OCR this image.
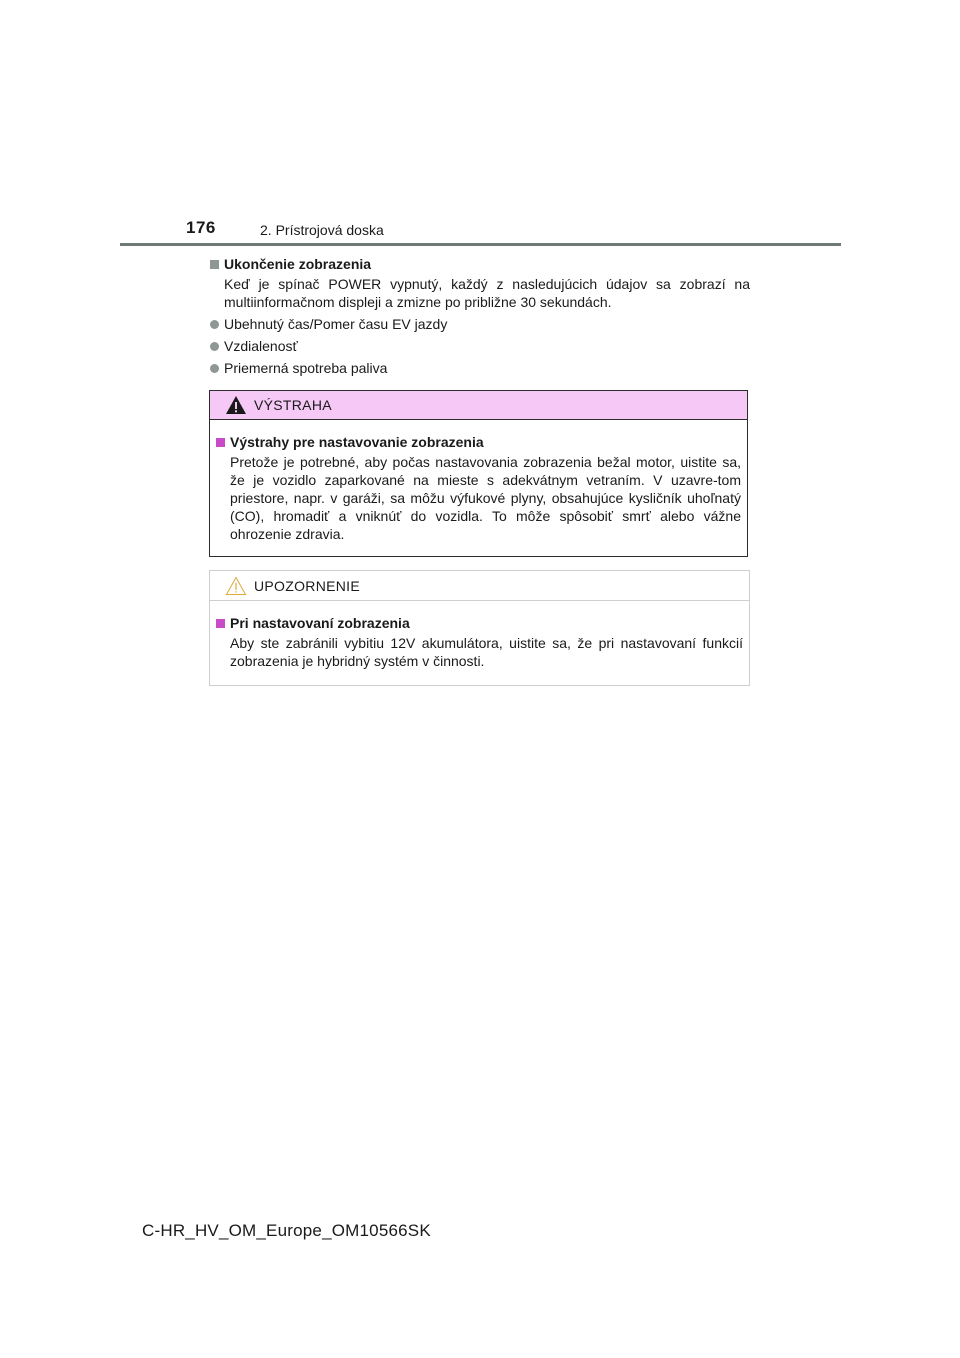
176	2. Prístrojová doska
Ukončenie zobrazenia
Keď je spínač POWER vypnutý, každý z nasledujúcich údajov sa zobrazí na multiinformačnom displeji a zmizne po približne 30 sekundách.
Ubehnutý čas/Pomer času EV jazdy
Vzdialenosť
Priemerná spotreba paliva
VÝSTRAHA
Výstrahy pre nastavovanie zobrazenia
Pretože je potrebné, aby počas nastavovania zobrazenia bežal motor, uistite sa, že je vozidlo zaparkované na mieste s adekvátnym vetraním. V uzavre-tom priestore, napr. v garáži, sa môžu výfukové plyny, obsahujúce kysličník uhoľnatý (CO), hromadiť a vniknúť do vozidla. To môže spôsobiť smrť alebo vážne ohrozenie zdravia.
UPOZORNENIE
Pri nastavovaní zobrazenia
Aby ste zabránili vybitiu 12V akumulátora, uistite sa, že pri nastavovaní funkcií zobrazenia je hybridný systém v činnosti.
C-HR_HV_OM_Europe_OM10566SK
